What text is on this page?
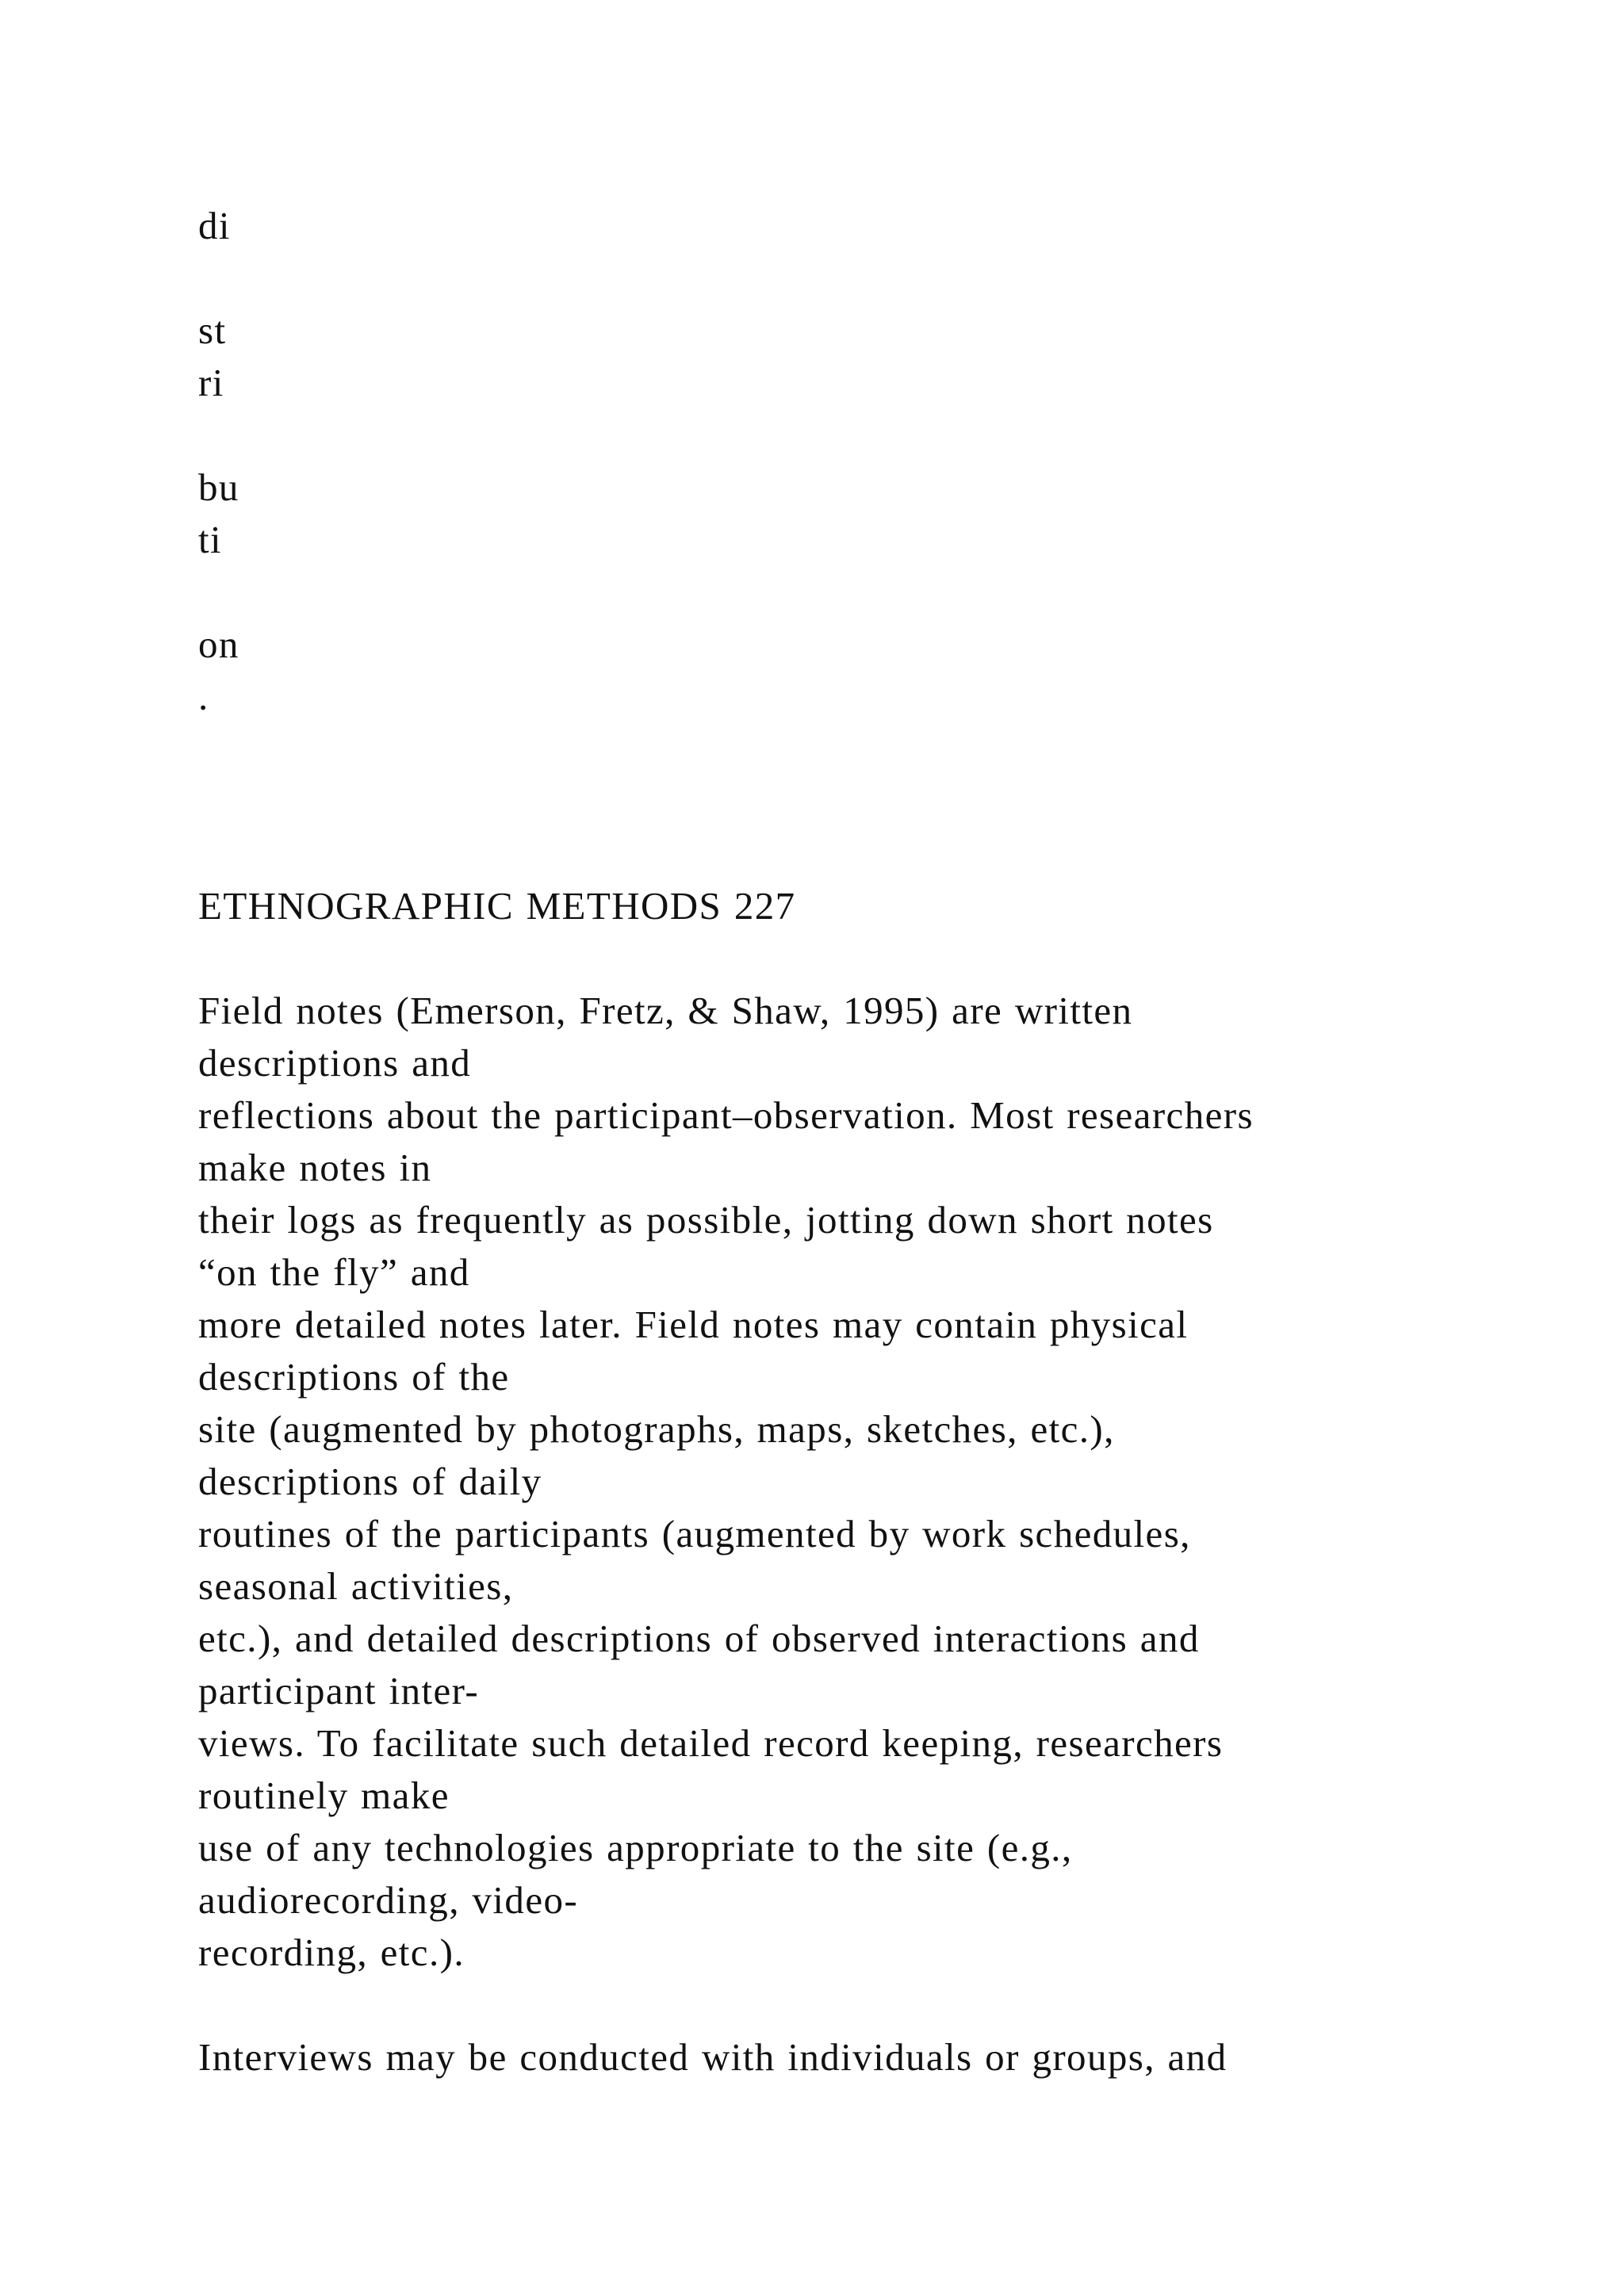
di

st

ri

bu

ti

on

.

ETHNOGRAPHIC METHODS 227

Field notes (Emerson, Fretz, & Shaw, 1995) are written

descriptions and

reflections about the participant–observation. Most researchers

make notes in

their logs as frequently as possible, jotting down short notes

“on the fly” and

more detailed notes later. Field notes may contain physical

descriptions of the

site (augmented by photographs, maps, sketches, etc.),

descriptions of daily

routines of the participants (augmented by work schedules,

seasonal activities,

etc.), and detailed descriptions of observed interactions and

participant inter-

views. To facilitate such detailed record keeping, researchers

routinely make

use of any technologies appropriate to the site (e.g.,

audiorecording, video-

recording, etc.).

Interviews may be conducted with individuals or groups, and
